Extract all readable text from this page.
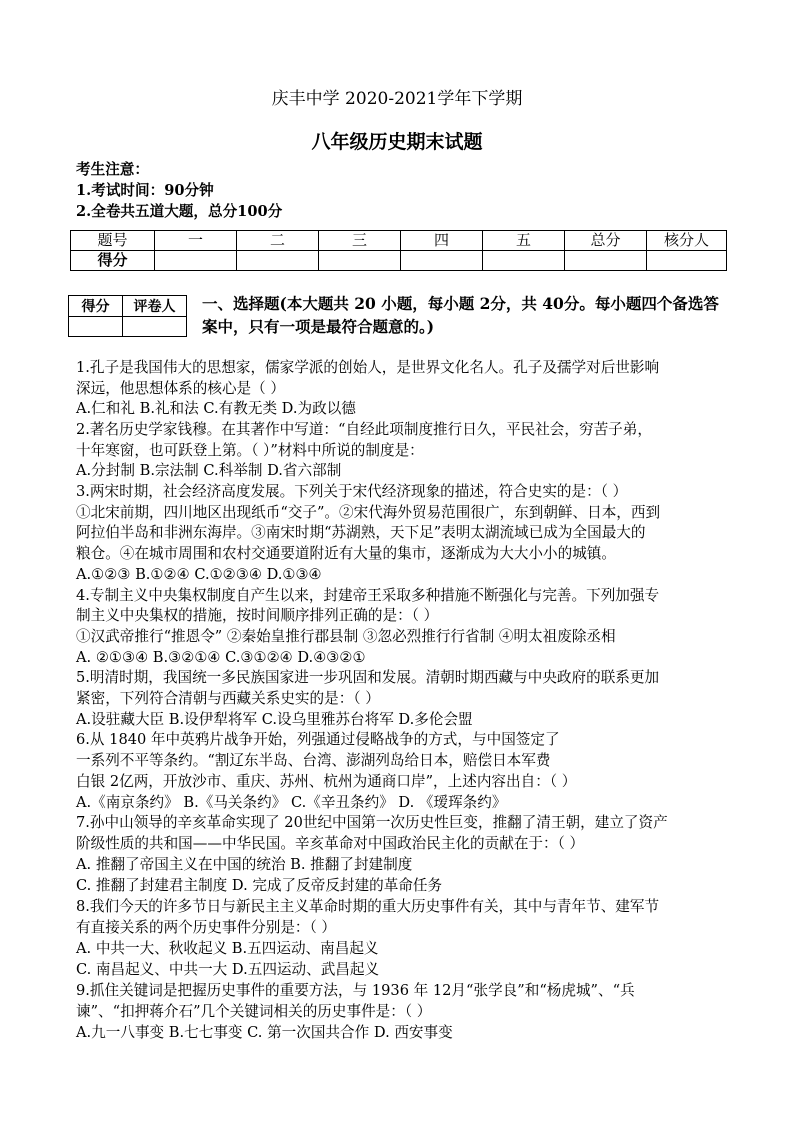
庆丰中学 2020-2021学年下学期
八年级历史期末试题
考生注意：
1.考试时间：90分钟
2.全卷共五道大题，总分100分
题号	一	二	三	四	五	总分	核分人
得分							
得分	评卷人
	一、选择题(本大题共 20 小题，每小题 2分，共 40分。每小题四个备选答
案中，只有一项是最符合题意的。)
1.孔子是我国伟大的思想家，儒家学派的创始人，是世界文化名人。孔子及孺学对后世影响
深远，他思想体系的核心是（ ）
A.仁和礼 B.礼和法 C.有教无类 D.为政以德
2.著名历史学家钱穆。在其著作中写道：“自经此项制度推行日久，平民社会，穷苦子弟，
十年寒窗，也可跃登上第。（ ）”材料中所说的制度是：
A.分封制 B.宗法制 C.科举制 D.省六部制
3.两宋时期，社会经济高度发展。下列关于宋代经济现象的描述，符合史实的是：（ ）
①北宋前期，四川地区出现纸币“交子”。②宋代海外贸易范围很广，东到朝鲜、日本，西到
阿拉伯半岛和非洲东海岸。③南宋时期“苏湖熟，天下足”表明太湖流域已成为全国最大的
粮仓。④在城市周围和农村交通要道附近有大量的集市，逐渐成为大大小小的城镇。
A.①②③ B.①②④ C.①②③④ D.①③④
4.专制主义中央集权制度自产生以来，封建帝王采取多种措施不断强化与完善。下列加强专
制主义中央集权的措施，按时间顺序排列正确的是：（ ）
①汉武帝推行“推恩令” ②秦始皇推行郡县制 ③忽必烈推行行省制 ④明太祖废除丞相
A. ②①③④ B.③②①④ C.③①②④ D.④③②①
5.明清时期，我国统一多民族国家进一步巩固和发展。清朝时期西藏与中央政府的联系更加
紧密，下列符合清朝与西藏关系史实的是：（ ）
A.设驻藏大臣 B.设伊犁将军 C.设乌里雅苏台将军 D.多伦会盟
6.从 1840 年中英鸦片战争开始，列强通过侵略战争的方式，与中国签定了
一系列不平等条约。“割辽东半岛、台湾、澎湖列岛给日本，赔偿日本军费
白银 2亿两，开放沙市、重庆、苏州、杭州为通商口岸”，上述内容出自：（ ）
A.《南京条约》 B.《马关条约》 C.《辛丑条约》 D. 《瑷珲条约》
7.孙中山领导的辛亥革命实现了 20世纪中国第一次历史性巨变，推翻了清王朝，建立了资产
阶级性质的共和国——中华民国。辛亥革命对中国政治民主化的贡献在于：（ ）
A. 推翻了帝国主义在中国的统治 B. 推翻了封建制度
C. 推翻了封建君主制度 D. 完成了反帝反封建的革命任务
8.我们今天的许多节日与新民主主义革命时期的重大历史事件有关，其中与青年节、建军节
有直接关系的两个历史事件分别是：（ ）
A. 中共一大、秋收起义 B.五四运动、南昌起义
C. 南昌起义、中共一大 D.五四运动、武昌起义
9.抓住关键词是把握历史事件的重要方法，与 1936 年 12月“张学良”和“杨虎城”、“兵
谏”、“扣押蒋介石”几个关键词相关的历史事件是：（ ）
A.九一八事变 B.七七事变 C. 第一次国共合作 D. 西安事变
